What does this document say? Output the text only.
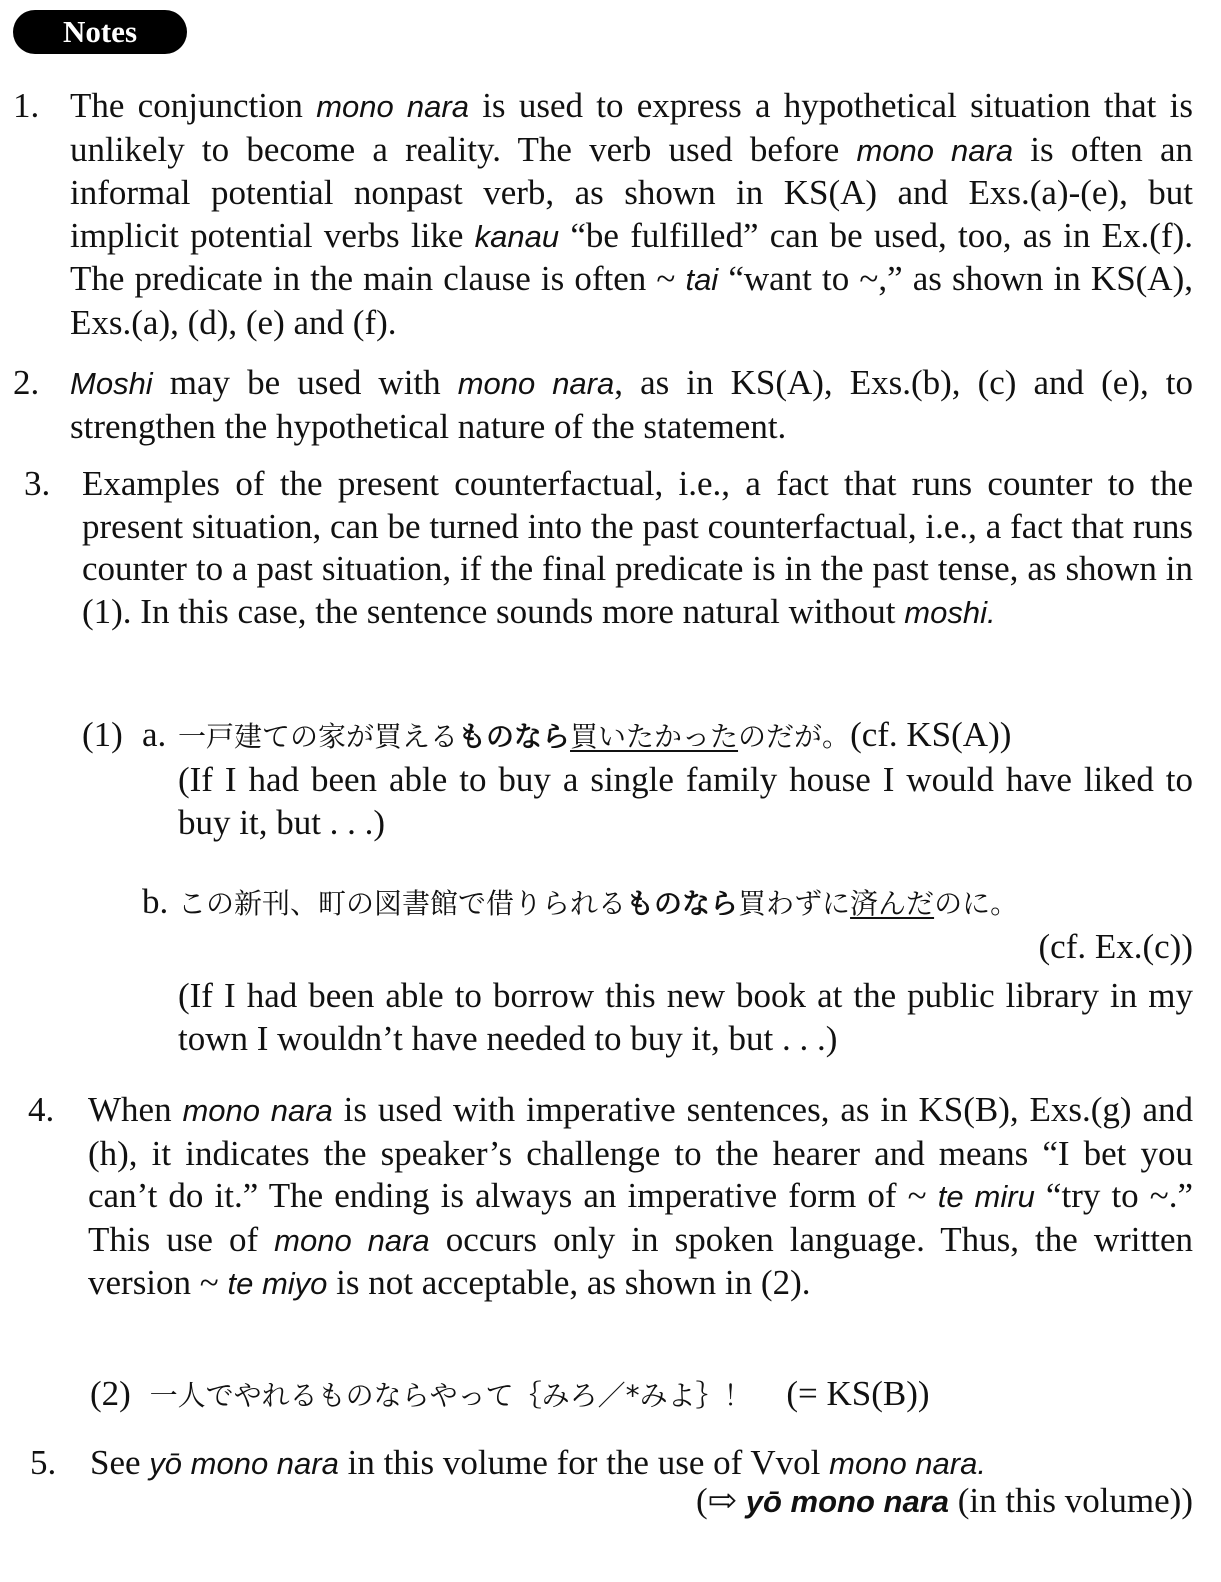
Notes
1. The conjunction mono nara is used to express a hypothetical situation that is unlikely to become a reality. The verb used before mono nara is often an informal potential nonpast verb, as shown in KS(A) and Exs.(a)-(e), but implicit potential verbs like kanau “be fulfilled” can be used, too, as in Ex.(f). The predicate in the main clause is often ~ tai “want to ~,” as shown in KS(A), Exs.(a), (d), (e) and (f).

2. Moshi may be used with mono nara, as in KS(A), Exs.(b), (c) and (e), to strengthen the hypothetical nature of the statement.

3. Examples of the present counterfactual, i.e., a fact that runs counter to the present situation, can be turned into the past counterfactual, i.e., a fact that runs counter to a past situation, if the final predicate is in the past tense, as shown in (1). In this case, the sentence sounds more natural without moshi.

(1) a. 一戸建ての家が買えるものなら買いたかったのだが。(cf. KS(A))

(If I had been able to buy a single family house I would have liked to buy it, but . . .)

b. この新刊、町の図書館で借りられるものなら買わずに済んだのに。
(cf. Ex.(c))

(If I had been able to borrow this new book at the public library in my town I wouldn’t have needed to buy it, but . . .)

4. When mono nara is used with imperative sentences, as in KS(B), Exs.(g) and (h), it indicates the speaker’s challenge to the hearer and means “I bet you can’t do it.” The ending is always an imperative form of ~ te miru “try to ~.” This use of mono nara occurs only in spoken language. Thus, the written version ~ te miyo is not acceptable, as shown in (2).

(2) 一人でやれるものならやって｛みろ／*みよ｝！ (= KS(B))
5. See yō mono nara in this volume for the use of Vvol mono nara.

(⇨ yō mono nara (in this volume))
